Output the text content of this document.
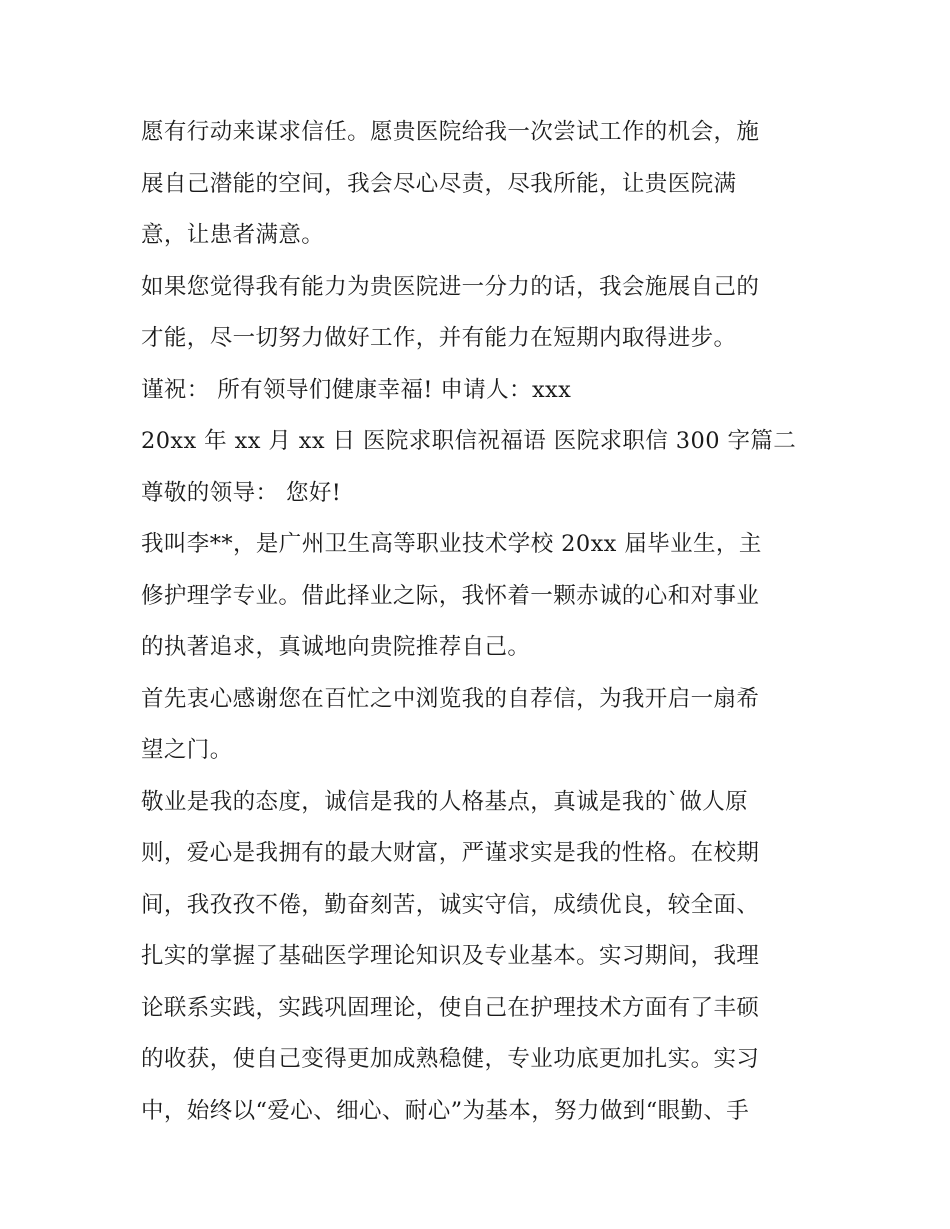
愿有行动来谋求信任。愿贵医院给我一次尝试工作的机会，施
展自己潜能的空间，我会尽心尽责，尽我所能，让贵医院满
意，让患者满意。
如果您觉得我有能力为贵医院进一分力的话，我会施展自己的
才能，尽一切努力做好工作，并有能力在短期内取得进步。
谨祝： 所有领导们健康幸福! 申请人：xxx
20xx 年 xx 月 xx 日 医院求职信祝福语 医院求职信 300 字篇二
尊敬的领导： 您好!
我叫李**，是广州卫生高等职业技术学校 20xx 届毕业生，主
修护理学专业。借此择业之际，我怀着一颗赤诚的心和对事业
的执著追求，真诚地向贵院推荐自己。
首先衷心感谢您在百忙之中浏览我的自荐信，为我开启一扇希
望之门。
敬业是我的态度，诚信是我的人格基点，真诚是我的`做人原
则，爱心是我拥有的最大财富，严谨求实是我的性格。在校期
间，我孜孜不倦，勤奋刻苦，诚实守信，成绩优良，较全面、
扎实的掌握了基础医学理论知识及专业基本。实习期间，我理
论联系实践，实践巩固理论，使自己在护理技术方面有了丰硕
的收获，使自己变得更加成熟稳健，专业功底更加扎实。实习
中，始终以“爱心、细心、耐心”为基本，努力做到“眼勤、手
